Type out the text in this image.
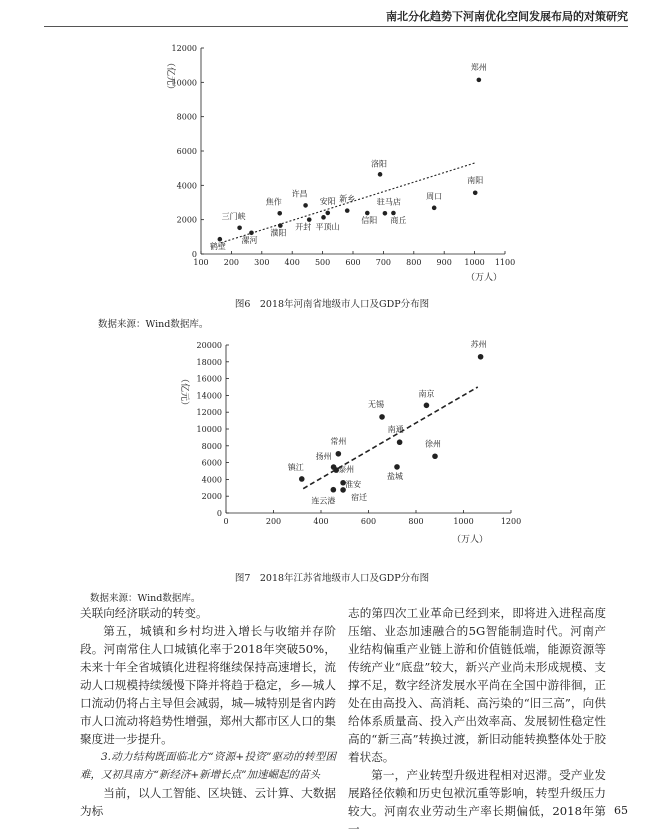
南北分化趋势下河南优化空间发展布局的对策研究
100 200 300 400 500 600 700 800 900 1000 1100
0
2000
4000
6000
8000
10000
12000
（亿元）
（万人）
郑州
洛阳
南阳
周口
许昌
焦作	新乡
安阳	驻马店
商丘
信阳
开封 平顶山
三门峡
濮阳
漯河
鹤壁
图6　2018年河南省地级市人口及GDP分布图
数据来源：Wind数据库。
0	200	400	600	800	1000	1200
0
2000
4000
6000
8000
10000
12000
14000
16000
18000
20000
（亿元）
（万人）
苏州
南京
无锡
南通
徐州
常州
扬州
盐城
泰州
镇江
淮安
宿迁
连云港
图7　2018年江苏省地级市人口及GDP分布图
数据来源：Wind数据库。

关联向经济联动的转变。

第五，城镇和乡村均进入增长与收缩并存阶段。河南常住人口城镇化率于2018年突破50%，未来十年全省城镇化进程将继续保持高速增长，流动人口规模持续缓慢下降并将趋于稳定，乡—城人口流动仍将占主导但会减弱，城—城特别是省内跨市人口流动将趋势性增强，郑州大都市区人口的集聚度进一步提升。

3.动力结构既面临北方“资源+投资”驱动的转型困难，又初具南方“新经济+新增长点”加速崛起的苗头

当前，以人工智能、区块链、云计算、大数据为标

志的第四次工业革命已经到来，即将进入进程高度压缩、业态加速融合的5G智能制造时代。河南产业结构偏重产业链上游和价值链低端，能源资源等传统产业“底盘”较大，新兴产业尚未形成规模、支撑不足，数字经济发展水平尚在全国中游徘徊，正处在由高投入、高消耗、高污染的“旧三高”，向供给体系质量高、投入产出效率高、发展韧性稳定性高的“新三高”转换过渡，新旧动能转换整体处于胶着状态。

第一，产业转型升级进程相对迟滞。受产业发展路径依赖和历史包袱沉重等影响，转型升级压力较大。河南农业劳动生产率长期偏低，2018年第一

65
